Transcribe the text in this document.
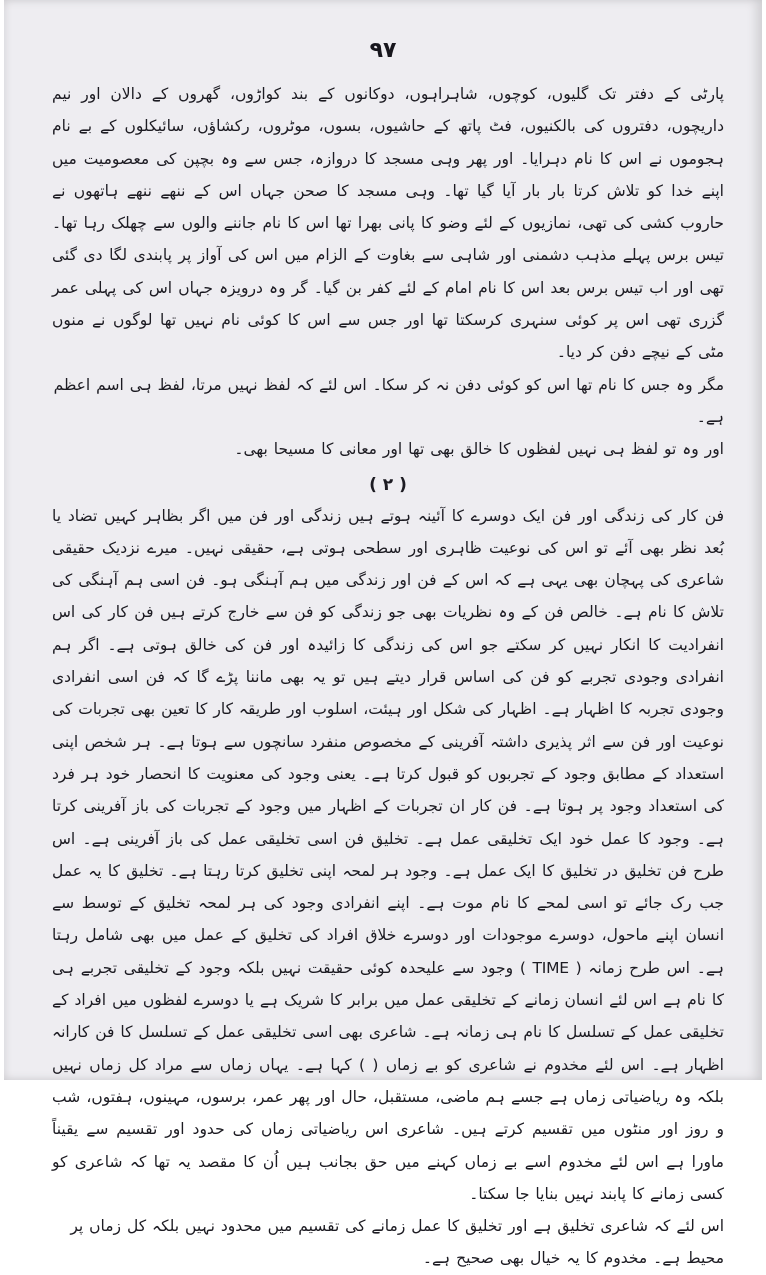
۹۷

پارٹی کے دفتر تک گلیوں، کوچوں، شاہراہوں، دوکانوں کے بند کواڑوں، گھروں کے دالان اور نیم داریچوں، دفتروں کی بالکنیوں، فٹ پاتھ کے حاشیوں، بسوں، موٹروں، رکشاؤں، سائیکلوں کے بے نام ہجوموں نے اس کا نام دہرایا۔ اور پھر وہی مسجد کا دروازہ، جس سے وہ بچپن کی معصومیت میں اپنے خدا کو تلاش کرتا بار بار آیا گیا تھا۔ وہی مسجد کا صحن جہاں اس کے ننھے ننھے ہاتھوں نے حاروب کشی کی تھی، نمازیوں کے لئے وضو کا پانی بھرا تھا اس کا نام جاننے والوں سے چھلک رہا تھا۔ تیس برس پہلے مذہب دشمنی اور شاہی سے بغاوت کے الزام میں اس کی آواز پر پابندی لگا دی گئی تھی اور اب تیس برس بعد اس کا نام امام کے لئے کفر بن گیا۔ گر وہ درویزہ جہاں اس کی پہلی عمر گزری تھی اس پر کوئی سنہری کرسکتا تھا اور جس سے اس کا کوئی نام نہیں تھا لوگوں نے منوں مٹی کے نیچے دفن کر دیا۔

مگر وہ جس کا نام تھا اس کو کوئی دفن نہ کر سکا۔ اس لئے کہ لفظ نہیں مرتا، لفظ ہی اسم اعظم ہے۔

اور وہ تو لفظ ہی نہیں لفظوں کا خالق بھی تھا اور معانی کا مسیحا بھی۔

( ۲ )

فن کار کی زندگی اور فن ایک دوسرے کا آئینہ ہوتے ہیں زندگی اور فن میں اگر بظاہر کہیں تضاد یا بُعد نظر بھی آئے تو اس کی نوعیت ظاہری اور سطحی ہوتی ہے، حقیقی نہیں۔ میرے نزدیک حقیقی شاعری کی پہچان بھی یہی ہے کہ اس کے فن اور زندگی میں ہم آہنگی ہو۔ فن اسی ہم آہنگی کی تلاش کا نام ہے۔ خالص فن کے وہ نظریات بھی جو زندگی کو فن سے خارج کرتے ہیں فن کار کی اس انفرادیت کا انکار نہیں کر سکتے جو اس کی زندگی کا زائیدہ اور فن کی خالق ہوتی ہے۔ اگر ہم انفرادی وجودی تجربے کو فن کی اساس قرار دیتے ہیں تو یہ بھی ماننا پڑے گا کہ فن اسی انفرادی وجودی تجربہ کا اظہار ہے۔ اظہار کی شکل اور ہیئت، اسلوب اور طریقہ کار کا تعین بھی تجربات کی نوعیت اور فن سے اثر پذیری داشتہ آفرینی کے مخصوص منفرد سانچوں سے ہوتا ہے۔ ہر شخص اپنی استعداد کے مطابق وجود کے تجربوں کو قبول کرتا ہے۔ یعنی وجود کی معنویت کا انحصار خود ہر فرد کی استعداد وجود پر ہوتا ہے۔ فن کار ان تجربات کے اظہار میں وجود کے تجربات کی باز آفرینی کرتا ہے۔ وجود کا عمل خود ایک تخلیقی عمل ہے۔ تخلیق فن اسی تخلیقی عمل کی باز آفرینی ہے۔ اس طرح فن تخلیق در تخلیق کا ایک عمل ہے۔ وجود ہر لمحہ اپنی تخلیق کرتا رہتا ہے۔ تخلیق کا یہ عمل جب رک جائے تو اسی لمحے کا نام موت ہے۔ اپنے انفرادی وجود کی ہر لمحہ تخلیق کے توسط سے انسان اپنے ماحول، دوسرے موجودات اور دوسرے خلاق افراد کی تخلیق کے عمل میں بھی شامل رہتا ہے۔ اس طرح زمانہ ( TIME ) وجود سے علیحدہ کوئی حقیقت نہیں بلکہ وجود کے تخلیقی تجربے ہی کا نام ہے اس لئے انسان زمانے کے تخلیقی عمل میں برابر کا شریک ہے یا دوسرے لفظوں میں افراد کے تخلیقی عمل کے تسلسل کا نام ہی زمانہ ہے۔ شاعری بھی اسی تخلیقی عمل کے تسلسل کا فن کارانہ اظہار ہے۔ اس لئے مخدوم نے شاعری کو بے زماں ( ) کہا ہے۔ یہاں زماں سے مراد کل زماں نہیں بلکہ وہ ریاضیاتی زماں ہے جسے ہم ماضی، مستقبل، حال اور پھر عمر، برسوں، مہینوں، ہفتوں، شب و روز اور منٹوں میں تقسیم کرتے ہیں۔ شاعری اس ریاضیاتی زماں کی حدود اور تقسیم سے یقیناً ماورا ہے اس لئے مخدوم اسے بے زماں کہنے میں حق بجانب ہیں اُن کا مقصد یہ تھا کہ شاعری کو کسی زمانے کا پابند نہیں بنایا جا سکتا۔

اس لئے کہ شاعری تخلیق ہے اور تخلیق کا عمل زمانے کی تقسیم میں محدود نہیں بلکہ کل زماں پر محیط ہے۔ مخدوم کا یہ خیال بھی صحیح ہے۔
